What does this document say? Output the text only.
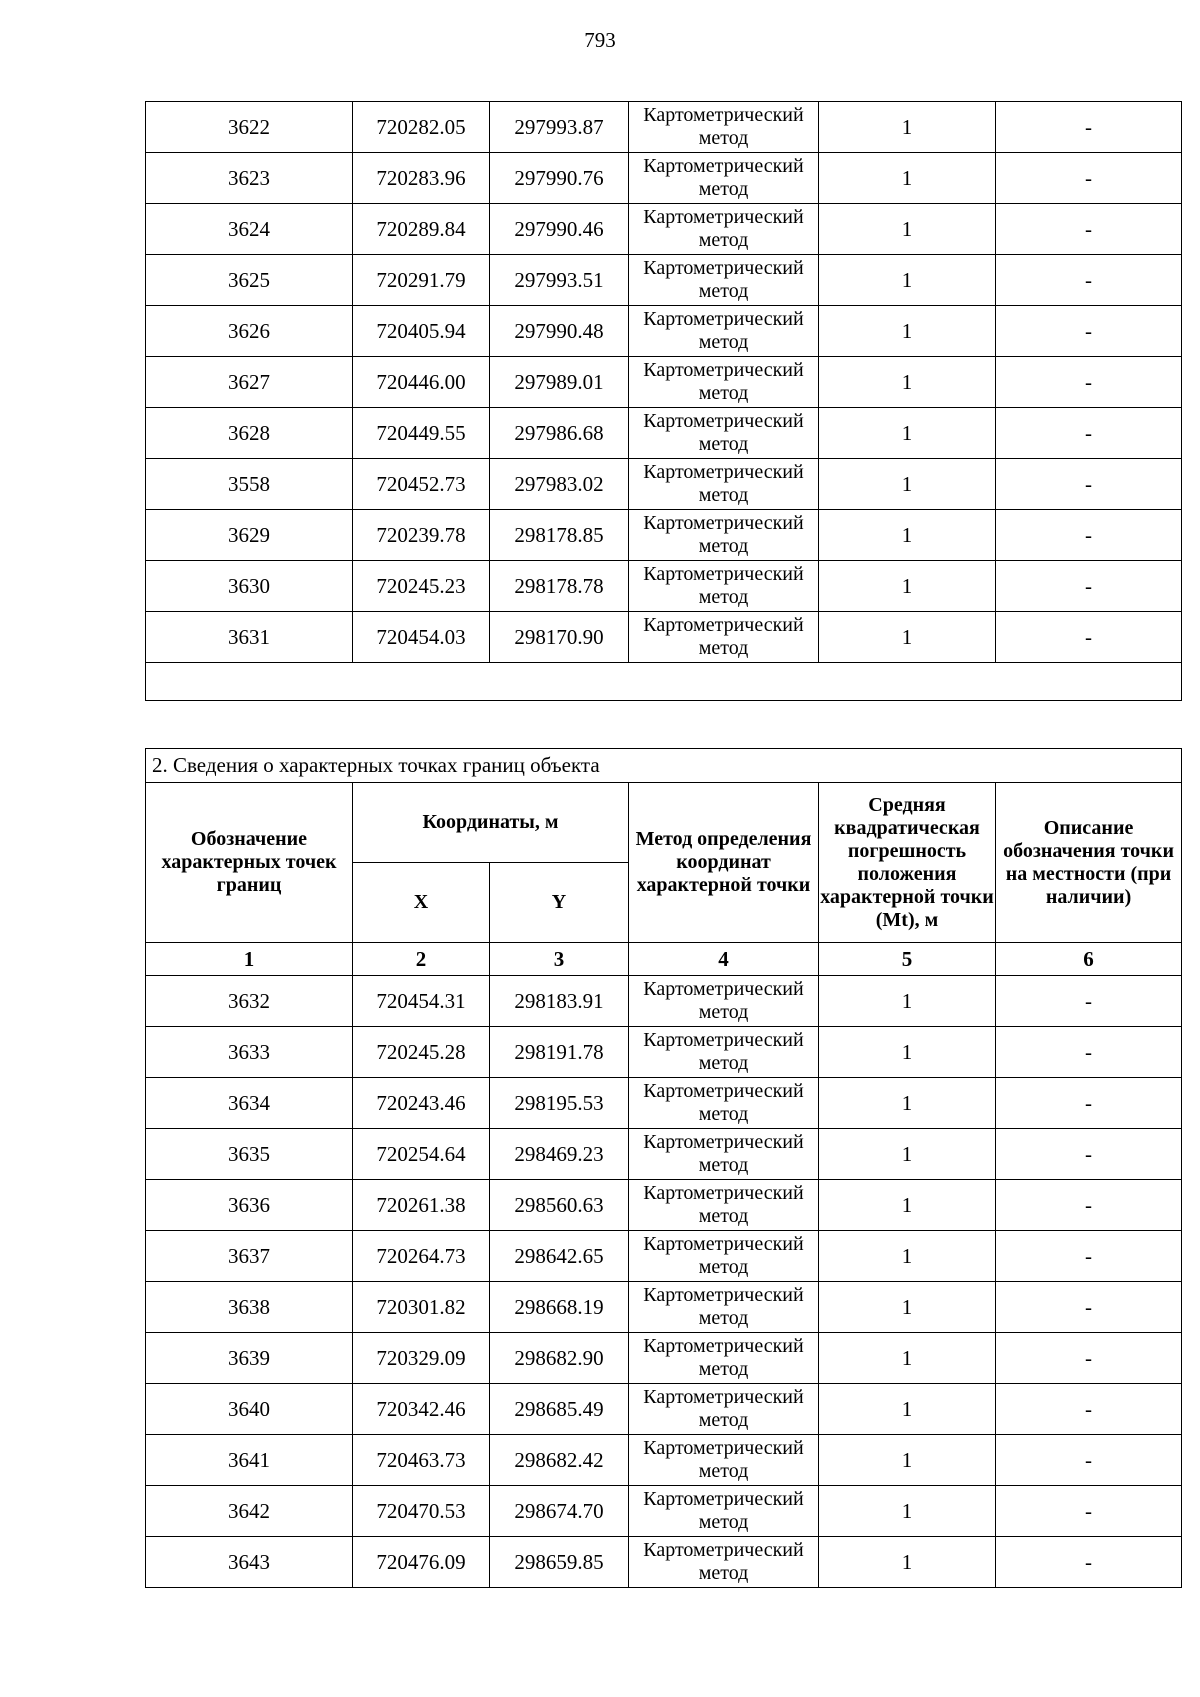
793
3622	720282.05	297993.87	Картометрический метод	1	-
3623	720283.96	297990.76	Картометрический метод	1	-
3624	720289.84	297990.46	Картометрический метод	1	-
3625	720291.79	297993.51	Картометрический метод	1	-
3626	720405.94	297990.48	Картометрический метод	1	-
3627	720446.00	297989.01	Картометрический метод	1	-
3628	720449.55	297986.68	Картометрический метод	1	-
3558	720452.73	297983.02	Картометрический метод	1	-
3629	720239.78	298178.85	Картометрический метод	1	-
3630	720245.23	298178.78	Картометрический метод	1	-
3631	720454.03	298170.90	Картометрический метод	1	-

2. Сведения о характерных точках границ объекта					
Обозначение характерных точек границ	Координаты, м		Метод определения координат характерной точки	Средняя квадратическая погрешность положения характерной точки (Mt), м	Описание обозначения точки на местности (при наличии)
	X	Y			
1	2	3	4	5	6
3632	720454.31	298183.91	Картометрический метод	1	-
3633	720245.28	298191.78	Картометрический метод	1	-
3634	720243.46	298195.53	Картометрический метод	1	-
3635	720254.64	298469.23	Картометрический метод	1	-
3636	720261.38	298560.63	Картометрический метод	1	-
3637	720264.73	298642.65	Картометрический метод	1	-
3638	720301.82	298668.19	Картометрический метод	1	-
3639	720329.09	298682.90	Картометрический метод	1	-
3640	720342.46	298685.49	Картометрический метод	1	-
3641	720463.73	298682.42	Картометрический метод	1	-
3642	720470.53	298674.70	Картометрический метод	1	-
3643	720476.09	298659.85	Картометрический метод	1	-
